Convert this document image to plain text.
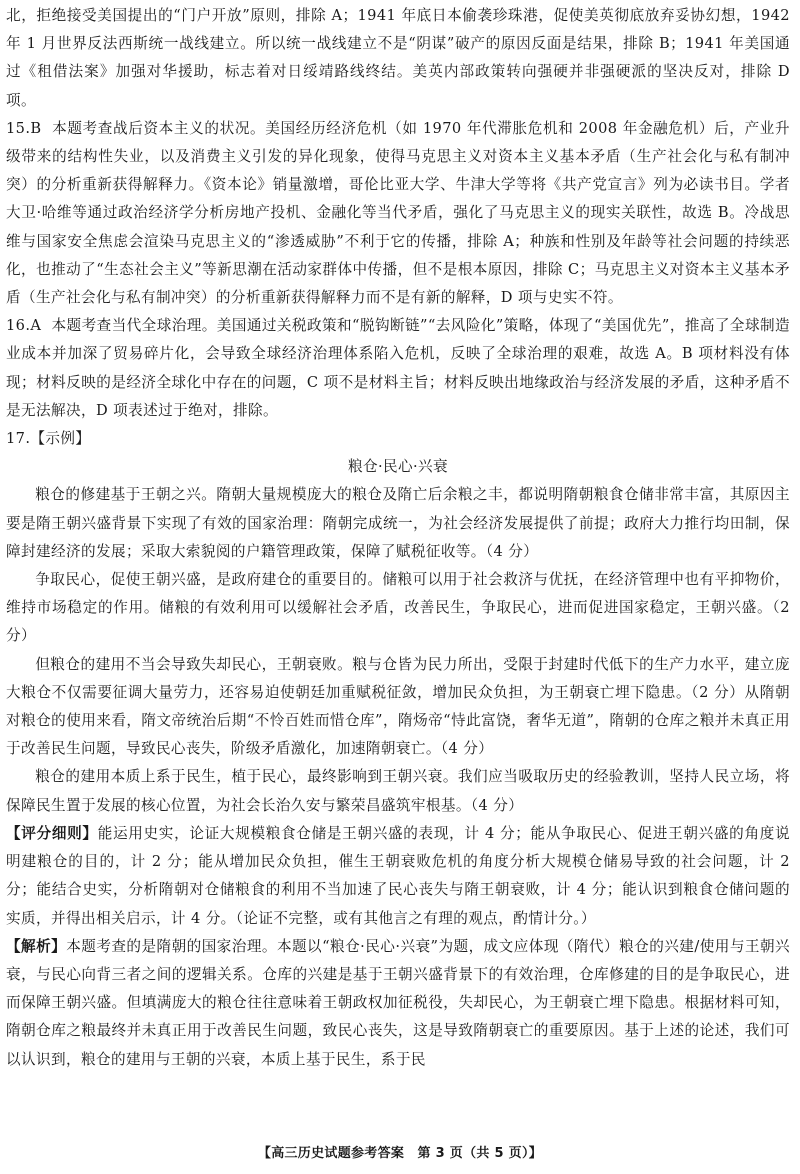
北，拒绝接受美国提出的“门户开放”原则，排除 A；1941 年底日本偷袭珍珠港，促使美英彻底放弃妥协幻想，1942 年 1 月世界反法西斯统一战线建立。所以统一战线建立不是“阴谋”破产的原因反面是结果，排除 B；1941 年美国通过《租借法案》加强对华援助，标志着对日绥靖路线终结。美英内部政策转向强硬并非强硬派的坚决反对，排除 D 项。

15.B 本题考查战后资本主义的状况。美国经历经济危机（如 1970 年代滞胀危机和 2008 年金融危机）后，产业升级带来的结构性失业，以及消费主义引发的异化现象，使得马克思主义对资本主义基本矛盾（生产社会化与私有制冲突）的分析重新获得解释力。《资本论》销量激增，哥伦比亚大学、牛津大学等将《共产党宣言》列为必读书目。学者大卫·哈维等通过政治经济学分析房地产投机、金融化等当代矛盾，强化了马克思主义的现实关联性，故选 B。冷战思维与国家安全焦虑会渲染马克思主义的“渗透威胁”不利于它的传播，排除 A；种族和性别及年龄等社会问题的持续恶化，也推动了“生态社会主义”等新思潮在活动家群体中传播，但不是根本原因，排除 C；马克思主义对资本主义基本矛盾（生产社会化与私有制冲突）的分析重新获得解释力而不是有新的解释，D 项与史实不符。

16.A 本题考查当代全球治理。美国通过关税政策和“脱钩断链”“去风险化”策略，体现了“美国优先”，推高了全球制造业成本并加深了贸易碎片化，会导致全球经济治理体系陷入危机，反映了全球治理的艰难，故选 A。B 项材料没有体现；材料反映的是经济全球化中存在的问题，C 项不是材料主旨；材料反映出地缘政治与经济发展的矛盾，这种矛盾不是无法解决，D 项表述过于绝对，排除。

17.【示例】

粮仓·民心·兴衰

粮仓的修建基于王朝之兴。隋朝大量规模庞大的粮仓及隋亡后余粮之丰，都说明隋朝粮食仓储非常丰富，其原因主要是隋王朝兴盛背景下实现了有效的国家治理：隋朝完成统一，为社会经济发展提供了前提；政府大力推行均田制，保障封建经济的发展；采取大索貌阅的户籍管理政策，保障了赋税征收等。（4 分）

争取民心，促使王朝兴盛，是政府建仓的重要目的。储粮可以用于社会救济与优抚，在经济管理中也有平抑物价，维持市场稳定的作用。储粮的有效利用可以缓解社会矛盾，改善民生，争取民心，进而促进国家稳定，王朝兴盛。（2 分）

但粮仓的建用不当会导致失却民心，王朝衰败。粮与仓皆为民力所出，受限于封建时代低下的生产力水平，建立庞大粮仓不仅需要征调大量劳力，还容易迫使朝廷加重赋税征敛，增加民众负担，为王朝衰亡埋下隐患。（2 分）从隋朝对粮仓的使用来看，隋文帝统治后期“不怜百姓而惜仓库”，隋炀帝“恃此富饶，奢华无道”，隋朝的仓库之粮并未真正用于改善民生问题，导致民心丧失，阶级矛盾激化，加速隋朝衰亡。（4 分）

粮仓的建用本质上系于民生，植于民心，最终影响到王朝兴衰。我们应当吸取历史的经验教训，坚持人民立场，将保障民生置于发展的核心位置，为社会长治久安与繁荣昌盛筑牢根基。（4 分）

【评分细则】能运用史实，论证大规模粮食仓储是王朝兴盛的表现，计 4 分；能从争取民心、促进王朝兴盛的角度说明建粮仓的目的，计 2 分；能从增加民众负担，催生王朝衰败危机的角度分析大规模仓储易导致的社会问题，计 2 分；能结合史实，分析隋朝对仓储粮食的利用不当加速了民心丧失与隋王朝衰败，计 4 分；能认识到粮食仓储问题的实质，并得出相关启示，计 4 分。（论证不完整，或有其他言之有理的观点，酌情计分。）

【解析】本题考查的是隋朝的国家治理。本题以“粮仓·民心·兴衰”为题，成文应体现（隋代）粮仓的兴建/使用与王朝兴衰，与民心向背三者之间的逻辑关系。仓库的兴建是基于王朝兴盛背景下的有效治理，仓库修建的目的是争取民心，进而保障王朝兴盛。但填满庞大的粮仓往往意味着王朝政权加征税役，失却民心，为王朝衰亡埋下隐患。根据材料可知，隋朝仓库之粮最终并未真正用于改善民生问题，致民心丧失，这是导致隋朝衰亡的重要原因。基于上述的论述，我们可以认识到，粮仓的建用与王朝的兴衰，本质上基于民生，系于民

【高三历史试题参考答案　第 3 页（共 5 页）】
